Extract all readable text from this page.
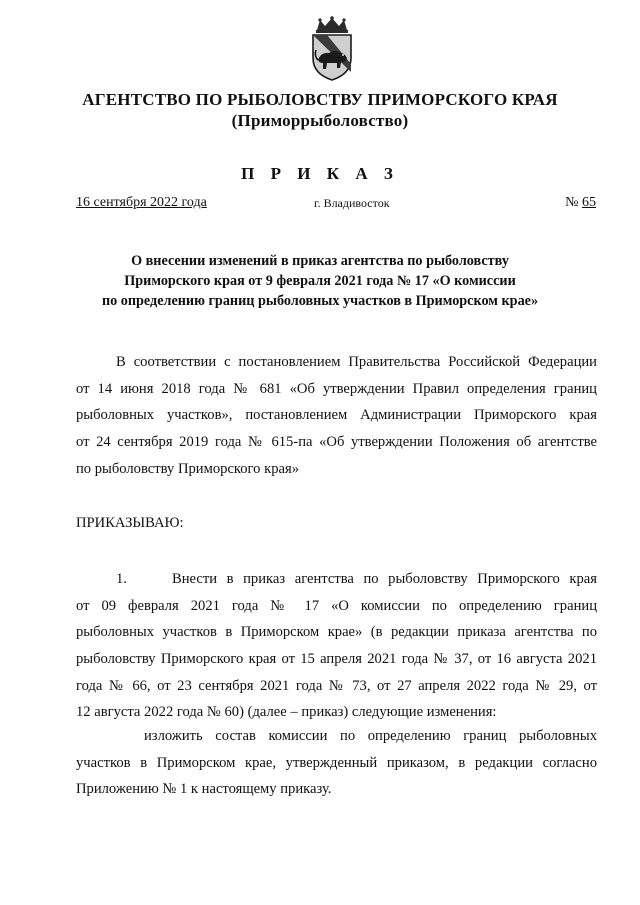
АГЕНТСТВО ПО РЫБОЛОВСТВУ ПРИМОРСКОГО КРАЯ
(Приморрыболовство)
П Р И К А З
16 сентября 2022 года	г. Владивосток	№ 65
О внесении изменений в приказ агентства по рыболовству
Приморского края от 9 февраля 2021 года № 17 «О комиссии
по определению границ рыболовных участков в Приморском крае»
В соответствии с постановлением Правительства Российской Федерации
от 14 июня 2018 года № 681 «Об утверждении Правил определения границ
рыболовных участков», постановлением Администрации Приморского края
от 24 сентября 2019 года № 615-па «Об утверждении Положения об агентстве
по рыболовству Приморского края»
ПРИКАЗЫВАЮ:
1.	Внести в приказ агентства по рыболовству Приморского края
от 09 февраля 2021 года № 17 «О комиссии по определению границ
рыболовных участков в Приморском крае» (в редакции приказа агентства по
рыболовству Приморского края от 15 апреля 2021 года № 37, от 16 августа 2021
года № 66, от 23 сентября 2021 года № 73, от 27 апреля 2022 года № 29, от
12 августа 2022 года № 60) (далее – приказ) следующие изменения:
изложить состав комиссии по определению границ рыболовных
участков в Приморском крае, утвержденный приказом, в редакции согласно
Приложению № 1 к настоящему приказу.
